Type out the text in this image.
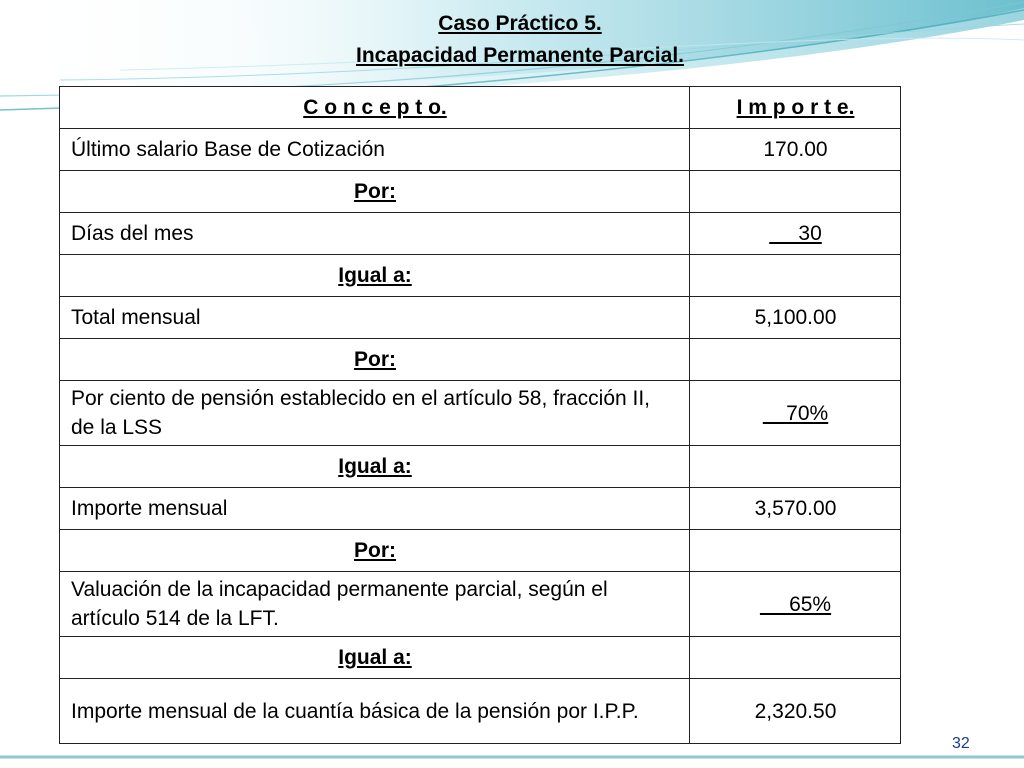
Caso Práctico 5.
Incapacidad Permanente Parcial.
C o n c e p t o.	I m p o r t e.
Último salario Base de Cotización	170.00
Por:	
Días del mes	30
Igual a:	
Total mensual	5,100.00
Por:	
Por ciento de pensión establecido en el artículo 58, fracción II, de la LSS	70%
Igual a:	
Importe mensual	3,570.00
Por:	
Valuación de la incapacidad permanente parcial, según el artículo 514 de la LFT.	65%
Igual a:	
Importe mensual de la cuantía básica de la pensión por I.P.P.	2,320.50
32
